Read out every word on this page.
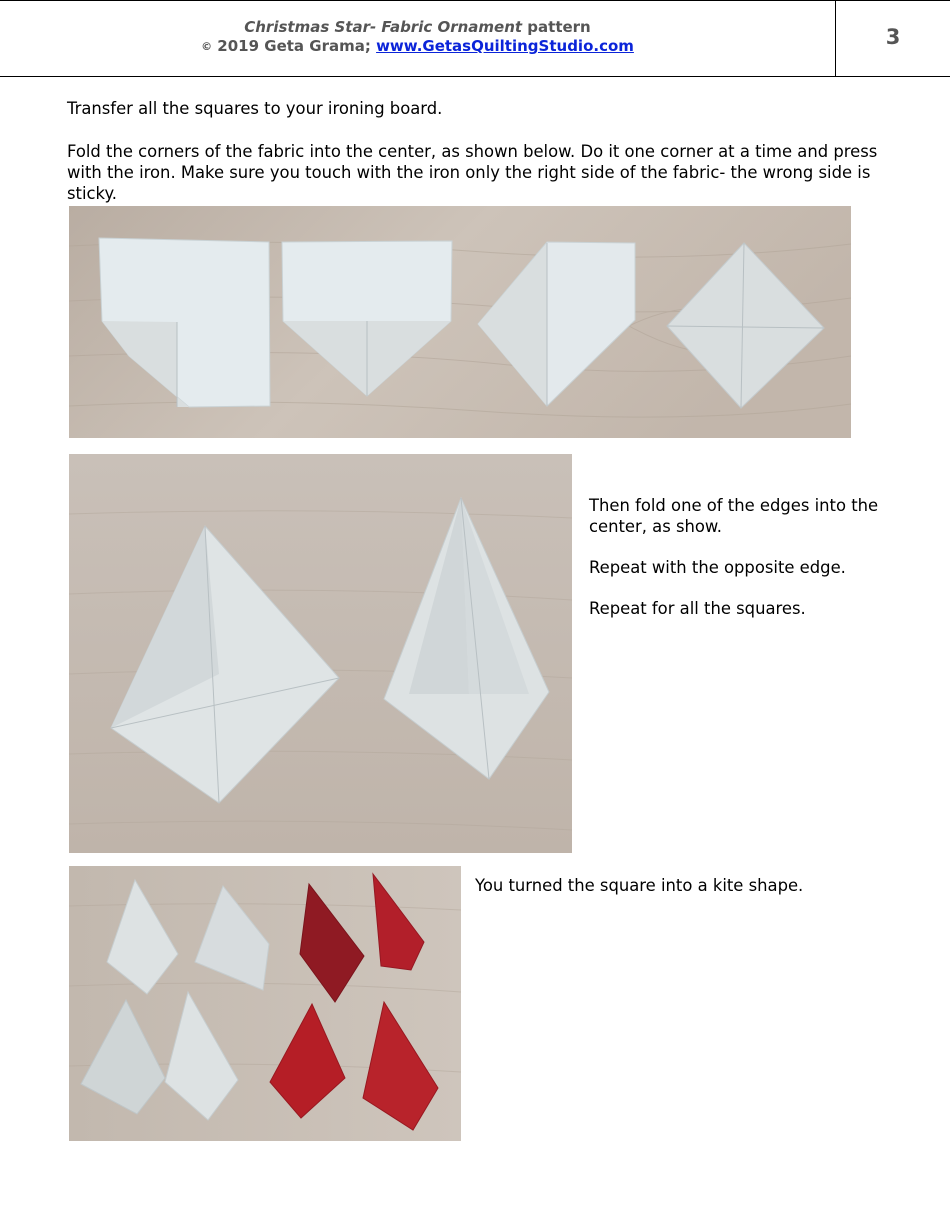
Christmas Star- Fabric Ornament pattern
© 2019 Geta Grama; www.GetasQuiltingStudio.com	3

Transfer all the squares to your ironing board.

Fold the corners of the fabric into the center, as shown below. Do it one corner at a time and press with the iron. Make sure you touch with the iron only the right side of the fabric- the wrong side is sticky.

Then fold one of the edges into the center, as show.

Repeat with the opposite edge.

Repeat for all the squares.

You turned the square into a kite shape.
